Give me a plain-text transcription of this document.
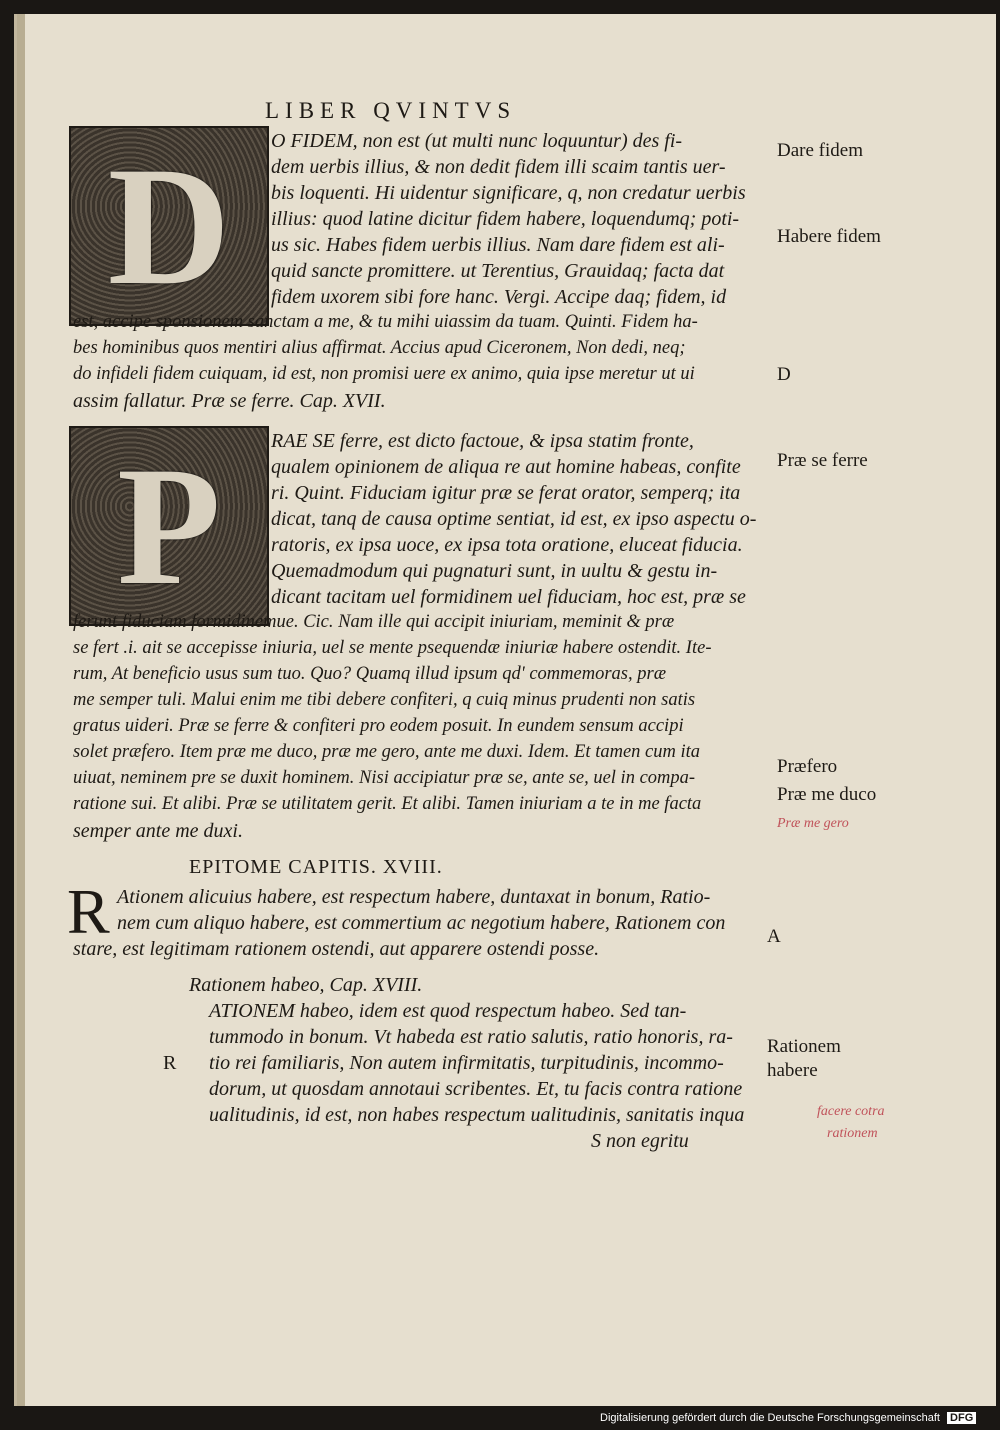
LIBER QVINTVS
D O FIDEM, non est (ut multi nunc loquuntur) des fi-
dem uerbis illius, & non dedit fidem illi scaim tantis uer-
bis loquenti. Hi uidentur significare, q, non credatur uerbis
illius: quod latine dicitur fidem habere, loquendumq; poti-
us sic. Habes fidem uerbis illius. Nam dare fidem est ali-
quid sancte promittere. ut Terentius, Grauidaq; facta dat
fidem uxorem sibi fore hanc. Vergi. Accipe daq; fidem, id
est, accipe sponsionem sanctam a me, & tu mihi uiassim da tuam. Quinti. Fidem ha-
bes hominibus quos mentiri alius affirmat. Accius apud Ciceronem, Non dedi, neq;
do infideli fidem cuiquam, id est, non promisi uere ex animo, quia ipse meretur ut ui
assim fallatur. Præ se ferre. Cap. XVII.
P	RAE SE ferre, est dicto factoue, & ipsa statim fronte,
qualem opinionem de aliqua re aut homine habeas, confite
ri. Quint. Fiduciam igitur præ se ferat orator, semperq; ita
dicat, tanq de causa optime sentiat, id est, ex ipso aspectu o-
ratoris, ex ipsa uoce, ex ipsa tota oratione, eluceat fiducia.
Quemadmodum qui pugnaturi sunt, in uultu & gestu in-
dicant tacitam uel formidinem uel fiduciam, hoc est, præ se
ferunt fiduciam formidinemue. Cic. Nam ille qui accipit iniuriam, meminit & præ
se fert .i. ait se accepisse iniuria, uel se mente psequendæ iniuriæ habere ostendit. Ite-
rum, At beneficio usus sum tuo. Quo? Quamq illud ipsum qd' commemoras, præ
me semper tuli. Malui enim me tibi debere confiteri, q cuiq minus prudenti non satis
gratus uideri. Præ se ferre & confiteri pro eodem posuit. In eundem sensum accipi
solet præfero. Item præ me duco, præ me gero, ante me duxi. Idem. Et tamen cum ita
uiuat, neminem pre se duxit hominem. Nisi accipiatur præ se, ante se, uel in compa-
ratione sui. Et alibi. Præ se utilitatem gerit. Et alibi. Tamen iniuriam a te in me facta
semper ante me duxi.
EPITOME CAPITIS. XVIII.
R Ationem alicuius habere, est respectum habere, duntaxat in bonum, Ratio-
nem cum aliquo habere, est commertium ac negotium habere, Rationem con
stare, est legitimam rationem ostendi, aut apparere ostendi posse.
Rationem habeo, Cap. XVIII.
ATIONEM habeo, idem est quod respectum habeo. Sed tan-
tummodo in bonum. Vt habeda est ratio salutis, ratio honoris, ra-
tio rei familiaris, Non autem infirmitatis, turpitudinis, incommo-
dorum, ut quosdam annotaui scribentes. Et, tu facis contra ratione
ualitudinis, id est, non habes respectum ualitudinis, sanitatis inqua
S non egritu
R
Dare fidem
Habere fidem
D
Præ se ferre
Præfero
Præ me duco
Præ me gero
A
Rationem
habere
facere cotra
rationem
Digitalisierung gefördert durch die Deutsche Forschungsgemeinschaft DFG
